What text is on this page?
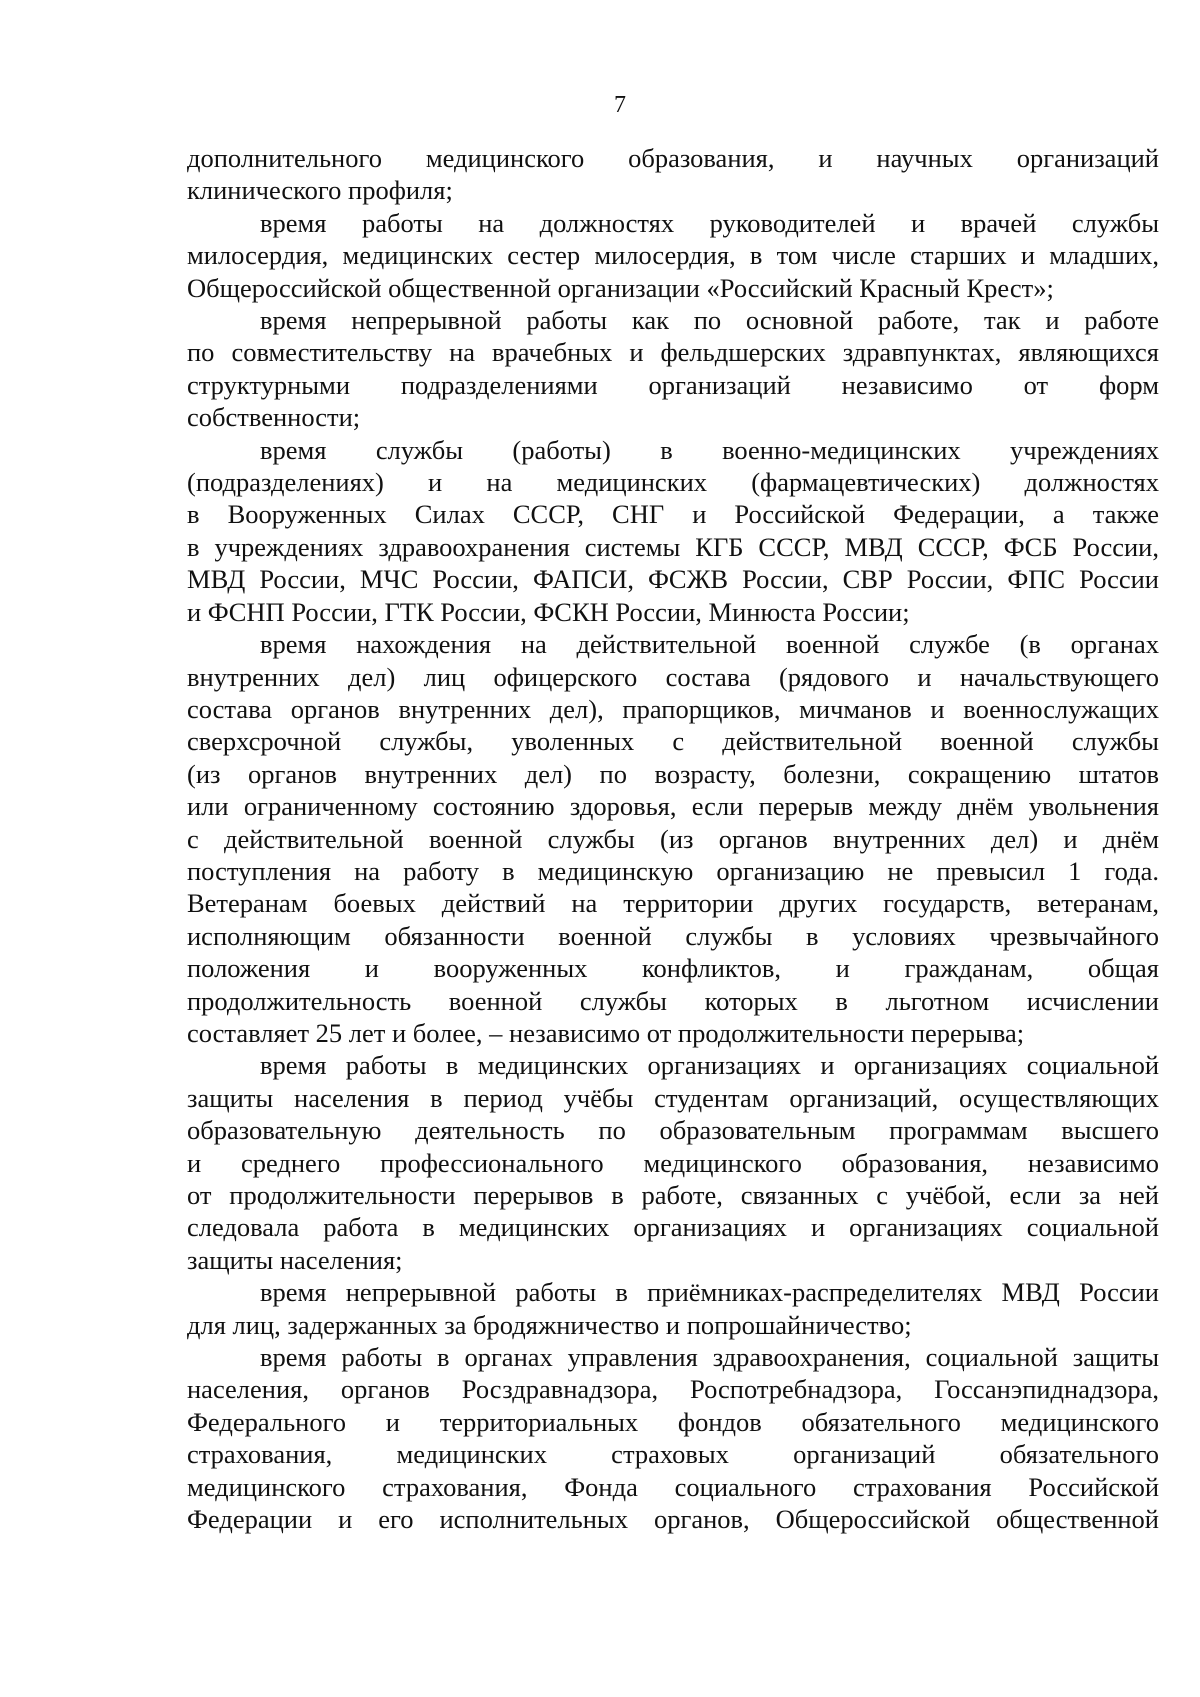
7

дополнительного медицинского образования, и научных организаций
клинического профиля;

время работы на должностях руководителей и врачей службы
милосердия, медицинских сестер милосердия, в том числе старших и младших,
Общероссийской общественной организации «Российский Красный Крест»;

время непрерывной работы как по основной работе, так и работе
по совместительству на врачебных и фельдшерских здравпунктах, являющихся
структурными подразделениями организаций независимо от форм
собственности;

время службы (работы) в военно-медицинских учреждениях
(подразделениях) и на медицинских (фармацевтических) должностях
в Вооруженных Силах СССР, СНГ и Российской Федерации, а также
в учреждениях здравоохранения системы КГБ СССР, МВД СССР, ФСБ России,
МВД России, МЧС России, ФАПСИ, ФСЖВ России, СВР России, ФПС России
и ФСНП России, ГТК России, ФСКН России, Минюста России;

время нахождения на действительной военной службе (в органах
внутренних дел) лиц офицерского состава (рядового и начальствующего
состава органов внутренних дел), прапорщиков, мичманов и военнослужащих
сверхсрочной службы, уволенных с действительной военной службы
(из органов внутренних дел) по возрасту, болезни, сокращению штатов
или ограниченному состоянию здоровья, если перерыв между днём увольнения
с действительной военной службы (из органов внутренних дел) и днём
поступления на работу в медицинскую организацию не превысил 1 года.
Ветеранам боевых действий на территории других государств, ветеранам,
исполняющим обязанности военной службы в условиях чрезвычайного
положения и вооруженных конфликтов, и гражданам, общая
продолжительность военной службы которых в льготном исчислении
составляет 25 лет и более, – независимо от продолжительности перерыва;

время работы в медицинских организациях и организациях социальной
защиты населения в период учёбы студентам организаций, осуществляющих
образовательную деятельность по образовательным программам высшего
и среднего профессионального медицинского образования, независимо
от продолжительности перерывов в работе, связанных с учёбой, если за ней
следовала работа в медицинских организациях и организациях социальной
защиты населения;

время непрерывной работы в приёмниках-распределителях МВД России
для лиц, задержанных за бродяжничество и попрошайничество;

время работы в органах управления здравоохранения, социальной защиты
населения, органов Росздравнадзора, Роспотребнадзора, Госсанэпиднадзора,
Федерального и территориальных фондов обязательного медицинского
страхования, медицинских страховых организаций обязательного
медицинского страхования, Фонда социального страхования Российской
Федерации и его исполнительных органов, Общероссийской общественной
